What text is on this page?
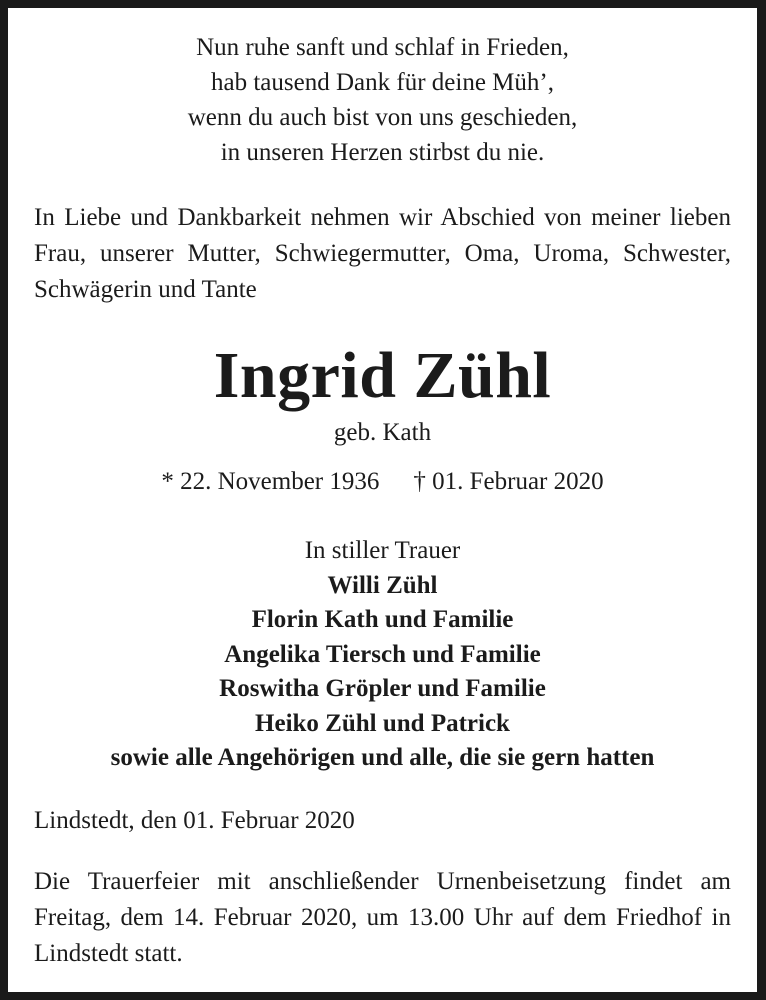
Nun ruhe sanft und schlaf in Frieden,
hab tausend Dank für deine Müh’,
wenn du auch bist von uns geschieden,
in unseren Herzen stirbst du nie.
In Liebe und Dankbarkeit nehmen wir Abschied von meiner lieben Frau, unserer Mutter, Schwiegermutter, Oma, Uroma, Schwester, Schwägerin und Tante
Ingrid Zühl
geb. Kath
* 22. November 1936 † 01. Februar 2020
In stiller Trauer
Willi Zühl
Florin Kath und Familie
Angelika Tiersch und Familie
Roswitha Gröpler und Familie
Heiko Zühl und Patrick
sowie alle Angehörigen und alle, die sie gern hatten
Lindstedt, den 01. Februar 2020
Die Trauerfeier mit anschließender Urnenbeisetzung findet am Freitag, dem 14. Februar 2020, um 13.00 Uhr auf dem Friedhof in Lindstedt statt.
